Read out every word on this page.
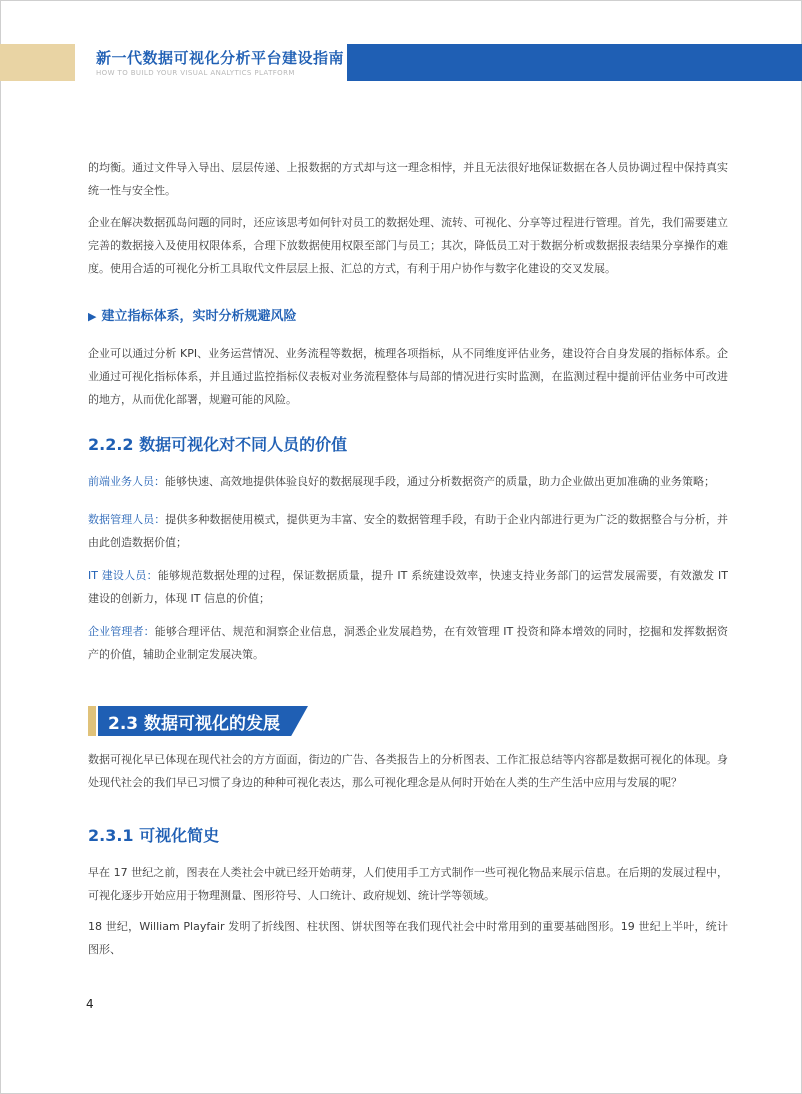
新一代数据可视化分析平台建设指南
HOW TO BUILD YOUR VISUAL ANALYTICS PLATFORM
的均衡。通过文件导入导出、层层传递、上报数据的方式却与这一理念相悖，并且无法很好地保证数据在各人员协调过程中保持真实统一性与安全性。
企业在解决数据孤岛问题的同时，还应该思考如何针对员工的数据处理、流转、可视化、分享等过程进行管理。首先，我们需要建立完善的数据接入及使用权限体系，合理下放数据使用权限至部门与员工；其次，降低员工对于数据分析或数据报表结果分享操作的难度。使用合适的可视化分析工具取代文件层层上报、汇总的方式，有利于用户协作与数字化建设的交叉发展。
▶ 建立指标体系，实时分析规避风险
企业可以通过分析 KPI、业务运营情况、业务流程等数据，梳理各项指标，从不同维度评估业务，建设符合自身发展的指标体系。企业通过可视化指标体系，并且通过监控指标仪表板对业务流程整体与局部的情况进行实时监测，在监测过程中提前评估业务中可改进的地方，从而优化部署，规避可能的风险。
2.2.2 数据可视化对不同人员的价值
前端业务人员：能够快速、高效地提供体验良好的数据展现手段，通过分析数据资产的质量，助力企业做出更加准确的业务策略；
数据管理人员：提供多种数据使用模式，提供更为丰富、安全的数据管理手段，有助于企业内部进行更为广泛的数据整合与分析，并由此创造数据价值；
IT 建设人员：能够规范数据处理的过程，保证数据质量，提升 IT 系统建设效率，快速支持业务部门的运营发展需要，有效激发 IT 建设的创新力，体现 IT 信息的价值；
企业管理者：能够合理评估、规范和洞察企业信息，洞悉企业发展趋势，在有效管理 IT 投资和降本增效的同时，挖掘和发挥数据资产的价值，辅助企业制定发展决策。
2.3 数据可视化的发展
数据可视化早已体现在现代社会的方方面面，街边的广告、各类报告上的分析图表、工作汇报总结等内容都是数据可视化的体现。身处现代社会的我们早已习惯了身边的种种可视化表达，那么可视化理念是从何时开始在人类的生产生活中应用与发展的呢？
2.3.1 可视化简史
早在 17 世纪之前，图表在人类社会中就已经开始萌芽，人们使用手工方式制作一些可视化物品来展示信息。在后期的发展过程中，可视化逐步开始应用于物理测量、图形符号、人口统计、政府规划、统计学等领域。
18 世纪，William Playfair 发明了折线图、柱状图、饼状图等在我们现代社会中时常用到的重要基础图形。19 世纪上半叶，统计图形、
4
